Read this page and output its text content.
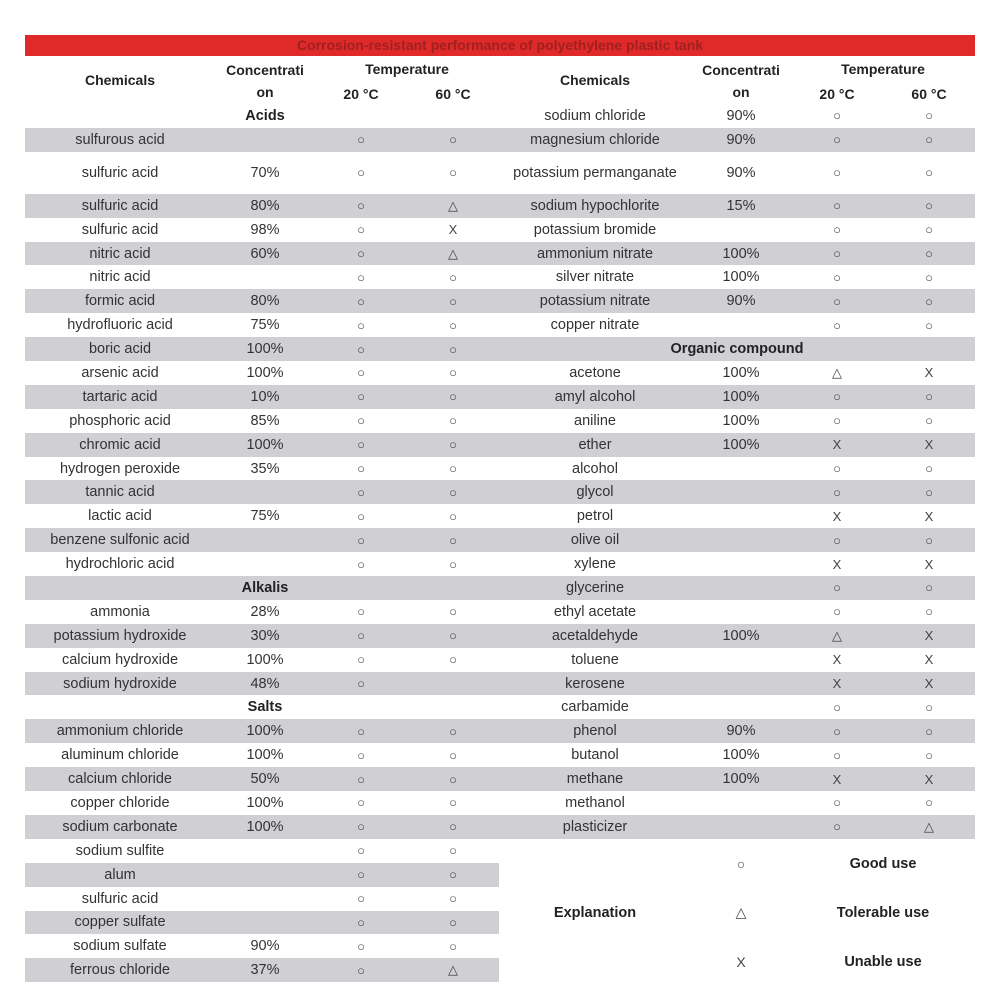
Corrosion-resistant performance of polyethylene plastic tank
Chemicals
Concentrati
on
Temperature
20 °C	60 °C
Acids
sulfurous acid	○	○
sulfuric acid	70%	○	○
sulfuric acid	80%	○	△
sulfuric acid	98%	○	X
nitric acid	60%	○	△
nitric acid	○	○
formic acid	80%	○	○
hydrofluoric acid	75%	○	○
boric acid	100%	○	○
arsenic acid	100%	○	○
tartaric acid	10%	○	○
phosphoric acid	85%	○	○
chromic acid	100%	○	○
hydrogen peroxide	35%	○	○
tannic acid	○	○
lactic acid	75%	○	○
benzene sulfonic acid	○	○
hydrochloric acid	○	○
Alkalis
ammonia	28%	○	○
potassium hydroxide	30%	○	○
calcium hydroxide	100%	○	○
sodium hydroxide	48%	○
Salts
ammonium chloride	100%	○	○
aluminum chloride	100%	○	○
calcium chloride	50%	○	○
copper chloride	100%	○	○
sodium carbonate	100%	○	○
sodium sulfite	○	○
alum	○	○
sulfuric acid	○	○
copper sulfate	○	○
sodium sulfate	90%	○	○
ferrous chloride	37%	○	△
Chemicals
Concentrati
on
Temperature
20 °C	60 °C
sodium chloride	90%	○	○
magnesium chloride	90%	○	○
potassium permanganate	90%	○	○
sodium hypochlorite	15%	○	○
potassium bromide	○	○
ammonium nitrate	100%	○	○
silver nitrate	100%	○	○
potassium nitrate	90%	○	○
copper nitrate	○	○
Organic compound
acetone	100%	△	X
amyl alcohol	100%	○	○
aniline	100%	○	○
ether	100%	X	X
alcohol	○	○
glycol	○	○
petrol	X	X
olive oil	○	○
xylene	X	X
glycerine	○	○
ethyl acetate	○	○
acetaldehyde	100%	△	X
toluene	X	X
kerosene	X	X
carbamide	○	○
phenol	90%	○	○
butanol	100%	○	○
methane	100%	X	X
methanol	○	○
plasticizer	○	△
Explanation
○	Good use
△	Tolerable use
X	Unable use
